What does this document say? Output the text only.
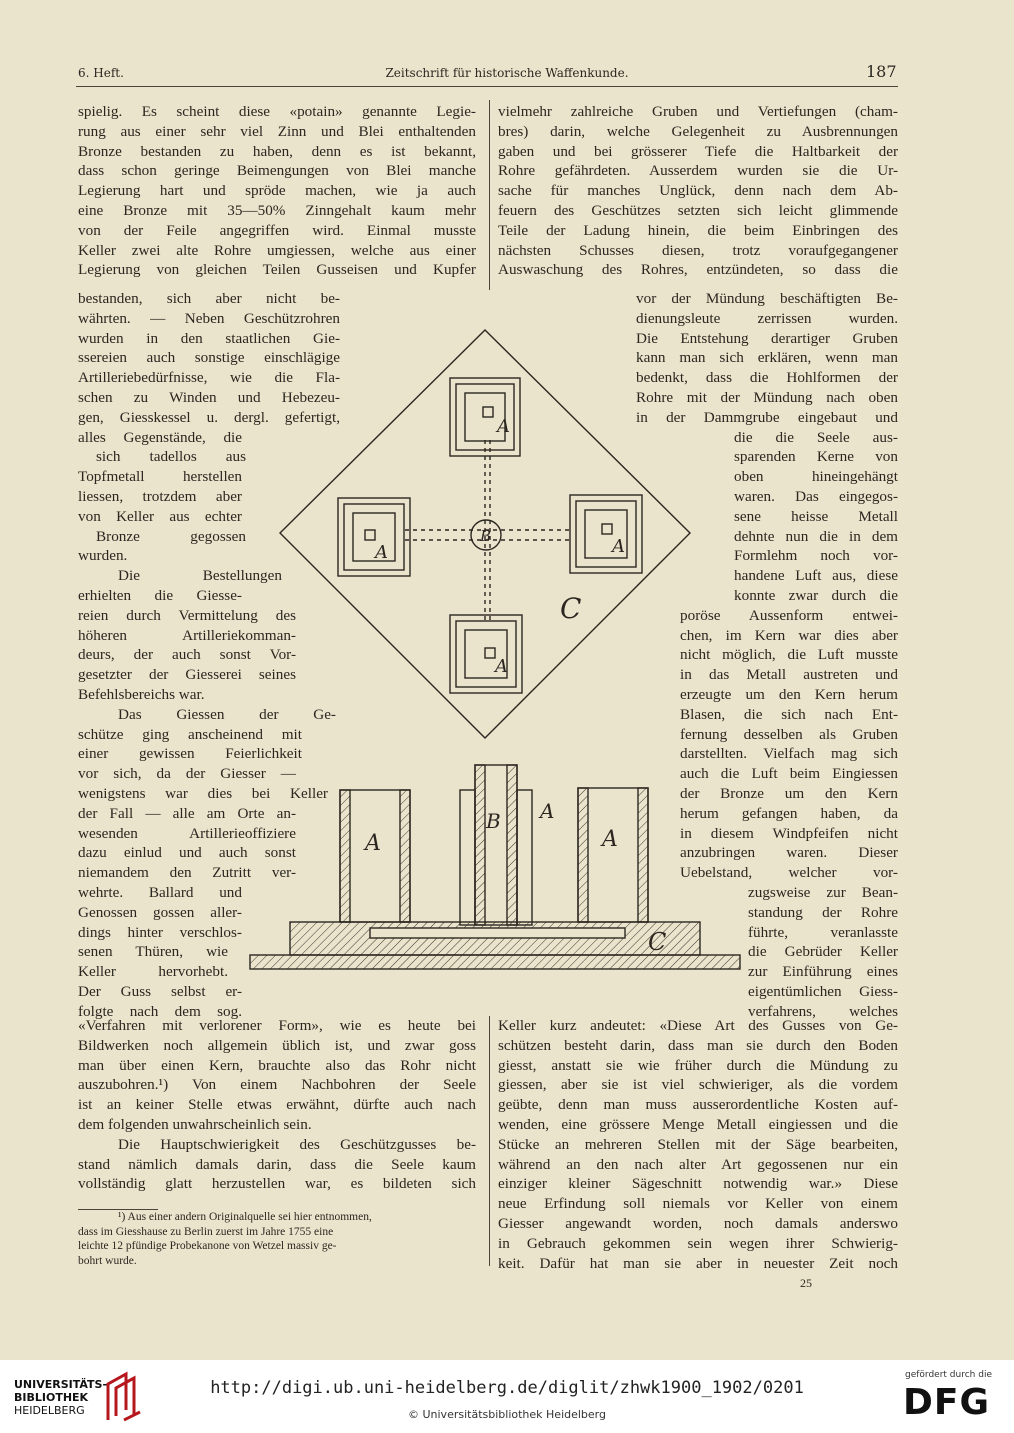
6. Heft.	Zeitschrift für historische Waffenkunde.	187
spielig. Es scheint diese «potain» genannte Legie-
rung aus einer sehr viel Zinn und Blei enthaltenden
Bronze bestanden zu haben, denn es ist bekannt,
dass schon geringe Beimengungen von Blei manche
Legierung hart und spröde machen, wie ja auch
eine Bronze mit 35—50% Zinngehalt kaum mehr
von der Feile angegriffen wird. Einmal musste
Keller zwei alte Rohre umgiessen, welche aus einer
Legierung von gleichen Teilen Gusseisen und Kupfer
vielmehr zahlreiche Gruben und Vertiefungen (cham-
bres) darin, welche Gelegenheit zu Ausbrennungen
gaben und bei grösserer Tiefe die Haltbarkeit der
Rohre gefährdeten. Ausserdem wurden sie die Ur-
sache für manches Unglück, denn nach dem Ab-
feuern des Geschützes setzten sich leicht glimmende
Teile der Ladung hinein, die beim Einbringen des
nächsten Schusses diesen, trotz voraufgegangener
Auswaschung des Rohres, entzündeten, so dass die
bestanden, sich aber nicht be-
währten. — Neben Geschützrohren
wurden in den staatlichen Gie-
ssereien auch sonstige einschlägige
Artilleriebedürfnisse, wie die Fla-
schen zu Winden und Hebezeu-
gen, Giesskessel u. dergl. gefertigt,
alles Gegenstände, die
sich tadellos aus
Topfmetall herstellen
liessen, trotzdem aber
von Keller aus echter
Bronze gegossen
wurden.
Die Bestellungen
erhielten die Giesse-
reien durch Vermittelung des
höheren Artilleriekomman-
deurs, der auch sonst Vor-
gesetzter der Giesserei seines
Befehlsbereichs war.
Das Giessen der Ge-
schütze ging anscheinend mit
einer gewissen Feierlichkeit
vor sich, da der Giesser —
wenigstens war dies bei Keller
der Fall — alle am Orte an-
wesenden Artillerieoffiziere
dazu einlud und auch sonst
niemandem den Zutritt ver-
wehrte. Ballard und
Genossen gossen aller-
dings hinter verschlos-
senen Thüren, wie
Keller hervorhebt.
Der Guss selbst er-
folgte nach dem sog.
vor der Mündung beschäftigten Be-
dienungsleute zerrissen wurden.
Die Entstehung derartiger Gruben
kann man sich erklären, wenn man
bedenkt, dass die Hohlformen der
Rohre mit der Mündung nach oben
in der Dammgrube eingebaut und
die die Seele aus-
sparenden Kerne von
oben hineingehängt
waren. Das eingegos-
sene heisse Metall
dehnte nun die in dem
Formlehm noch vor-
handene Luft aus, diese
konnte zwar durch die
poröse Aussenform entwei-
chen, im Kern war dies aber
nicht möglich, die Luft musste
in das Metall austreten und
erzeugte um den Kern herum
Blasen, die sich nach Ent-
fernung desselben als Gruben
darstellten. Vielfach mag sich
auch die Luft beim Eingiessen
der Bronze um den Kern
herum gefangen haben, da
in diesem Windpfeifen nicht
anzubringen waren. Dieser
Uebelstand, welcher vor-
zugsweise zur Bean-
standung der Rohre
führte, veranlasste
die Gebrüder Keller
zur Einführung eines
eigentümlichen Giess-
verfahrens, welches
«Verfahren mit verlorener Form», wie es heute bei
Bildwerken noch allgemein üblich ist, und zwar goss
man über einen Kern, brauchte also das Rohr nicht
auszubohren.¹) Von einem Nachbohren der Seele
ist an keiner Stelle etwas erwähnt, dürfte auch nach
dem folgenden unwahrscheinlich sein.
Die Hauptschwierigkeit des Geschützgusses be-
stand nämlich damals darin, dass die Seele kaum
vollständig glatt herzustellen war, es bildeten sich
Keller kurz andeutet: «Diese Art des Gusses von Ge-
schützen besteht darin, dass man sie durch den Boden
giesst, anstatt sie wie früher durch die Mündung zu
giessen, aber sie ist viel schwieriger, als die vordem
geübte, denn man muss ausserordentliche Kosten auf-
wenden, eine grössere Menge Metall eingiessen und die
Stücke an mehreren Stellen mit der Säge bearbeiten,
während an den nach alter Art gegossenen nur ein
einziger kleiner Sägeschnitt notwendig war.» Diese
neue Erfindung soll niemals vor Keller von einem
Giesser angewandt worden, noch damals anderswo
in Gebrauch gekommen sein wegen ihrer Schwierig-
keit. Dafür hat man sie aber in neuester Zeit noch
¹) Aus einer andern Originalquelle sei hier entnommen,
dass im Giesshause zu Berlin zuerst im Jahre 1755 eine
leichte 12 pfündige Probekanone von Wetzel massiv ge-
bohrt wurde.
25
A
A	A
A
B
C
A
B A
A
C
UNIVERSITÄTS-
BIBLIOTHEK
HEIDELBERG
http://digi.ub.uni-heidelberg.de/diglit/zhwk1900_1902/0201
© Universitätsbibliothek Heidelberg
gefördert durch die
DFG
